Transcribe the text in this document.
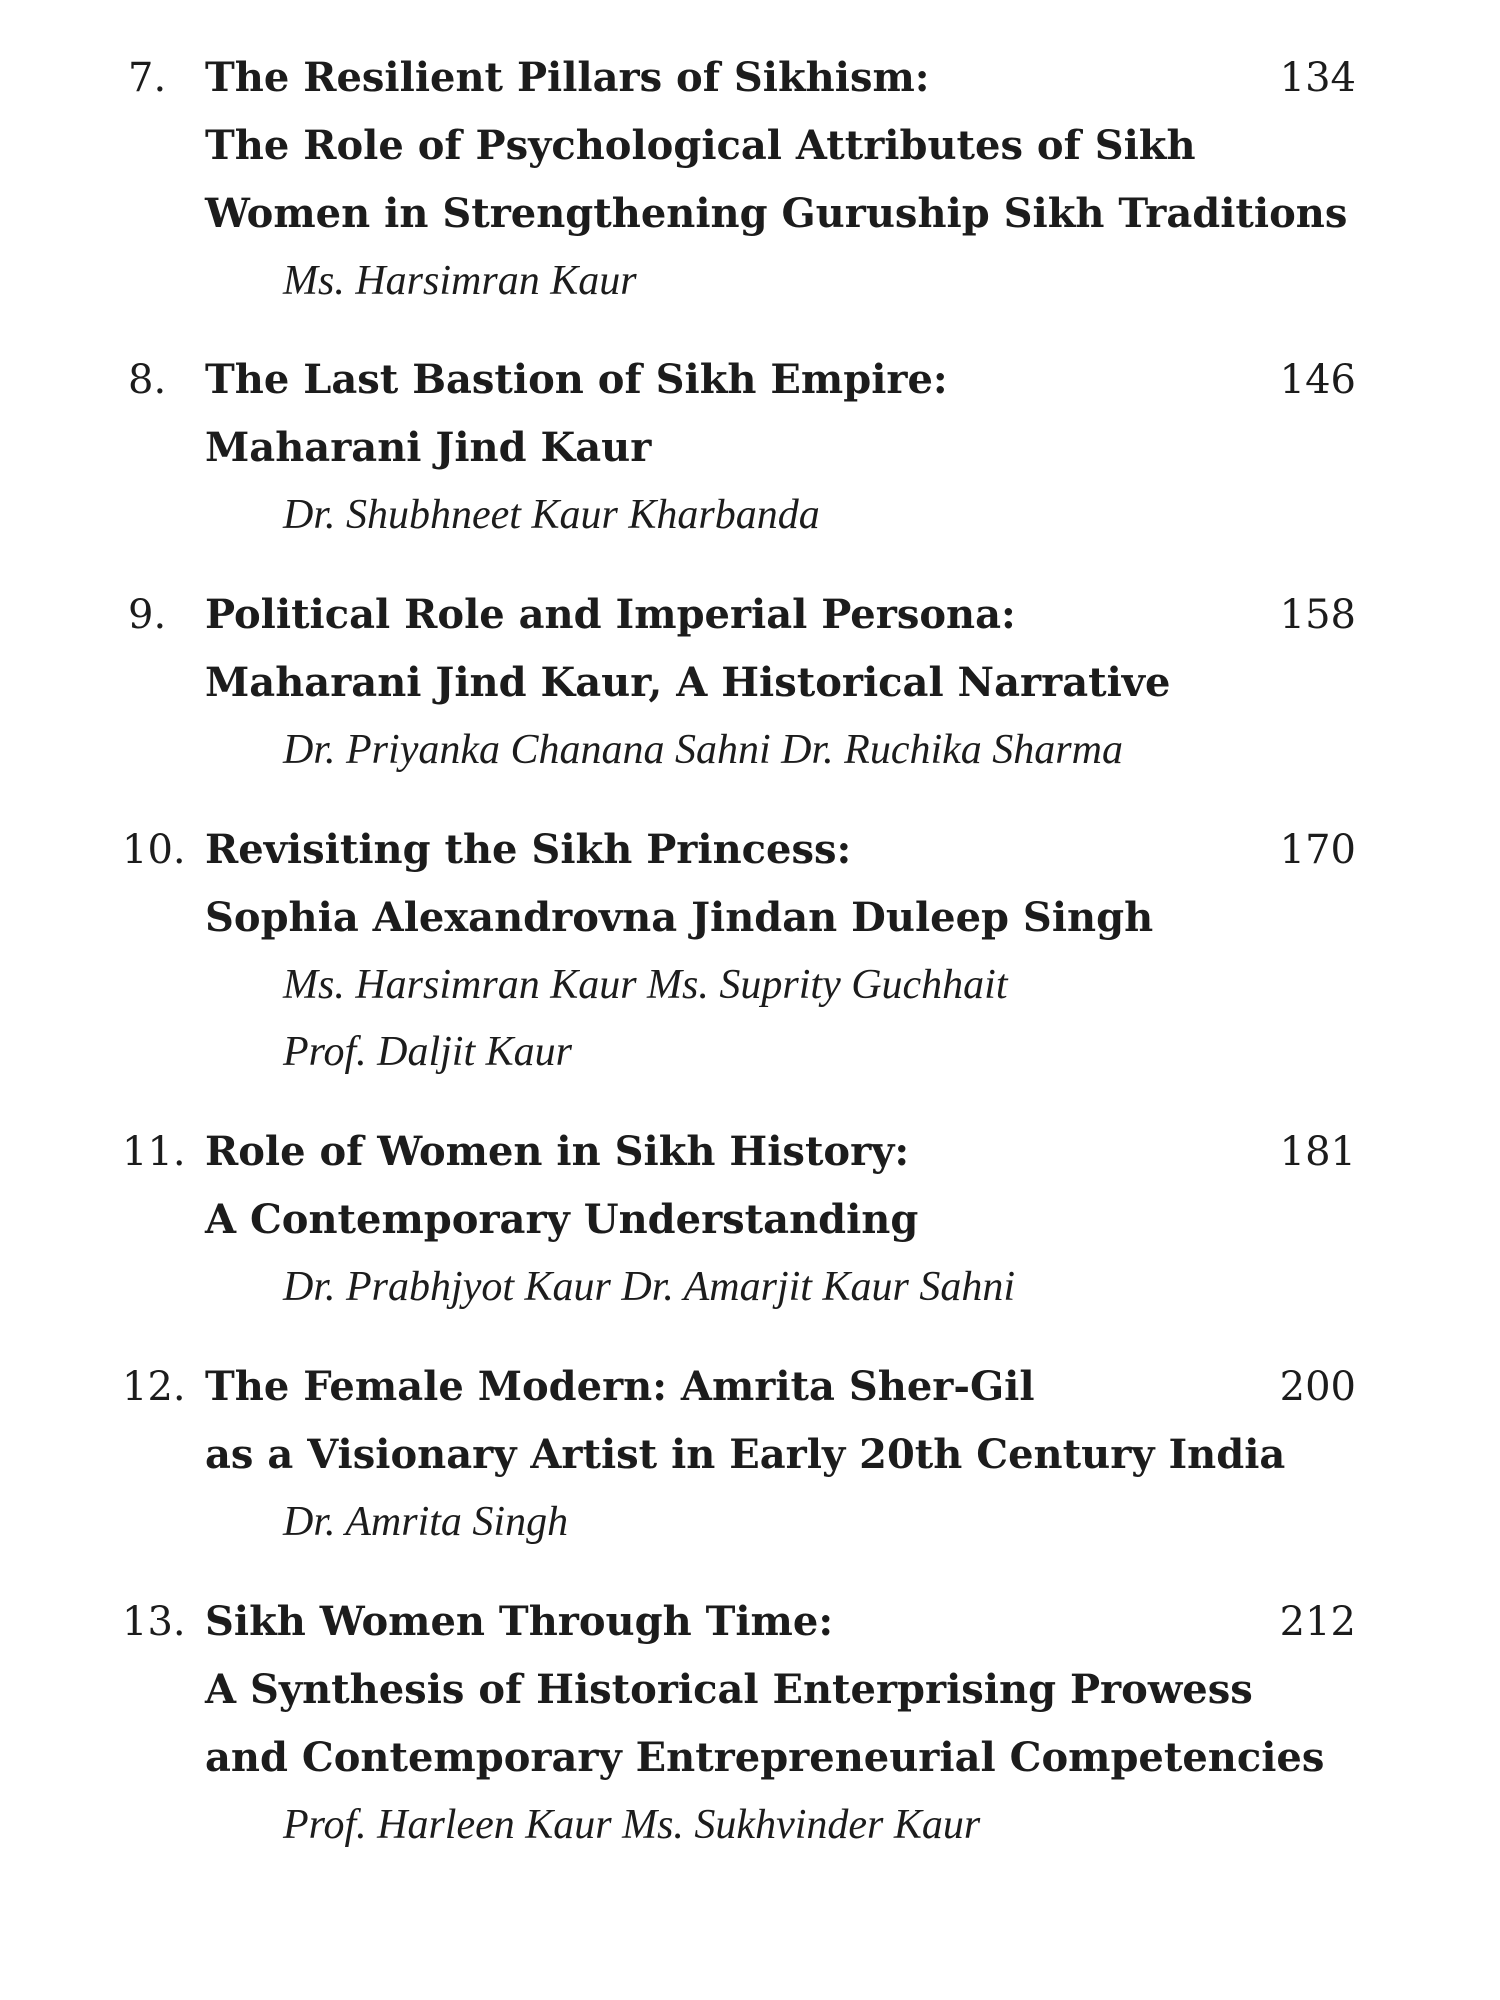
7. The Resilient Pillars of Sikhism:
The Role of Psychological Attributes of Sikh
Women in Strengthening Guruship Sikh Traditions
Ms. Harsimran Kaur
134
8. The Last Bastion of Sikh Empire:
Maharani Jind Kaur
Dr. Shubhneet Kaur Kharbanda
146
9. Political Role and Imperial Persona:
Maharani Jind Kaur, A Historical Narrative
Dr. Priyanka Chanana Sahni Dr. Ruchika Sharma
158
10. Revisiting the Sikh Princess:
Sophia Alexandrovna Jindan Duleep Singh
Ms. Harsimran Kaur Ms. Suprity Guchhait
Prof. Daljit Kaur
170
11. Role of Women in Sikh History:
A Contemporary Understanding
Dr. Prabhjyot Kaur Dr. Amarjit Kaur Sahni
181
12. The Female Modern: Amrita Sher-Gil
as a Visionary Artist in Early 20th Century India
Dr. Amrita Singh
200
13. Sikh Women Through Time:
A Synthesis of Historical Enterprising Prowess
and Contemporary Entrepreneurial Competencies
Prof. Harleen Kaur Ms. Sukhvinder Kaur
212
